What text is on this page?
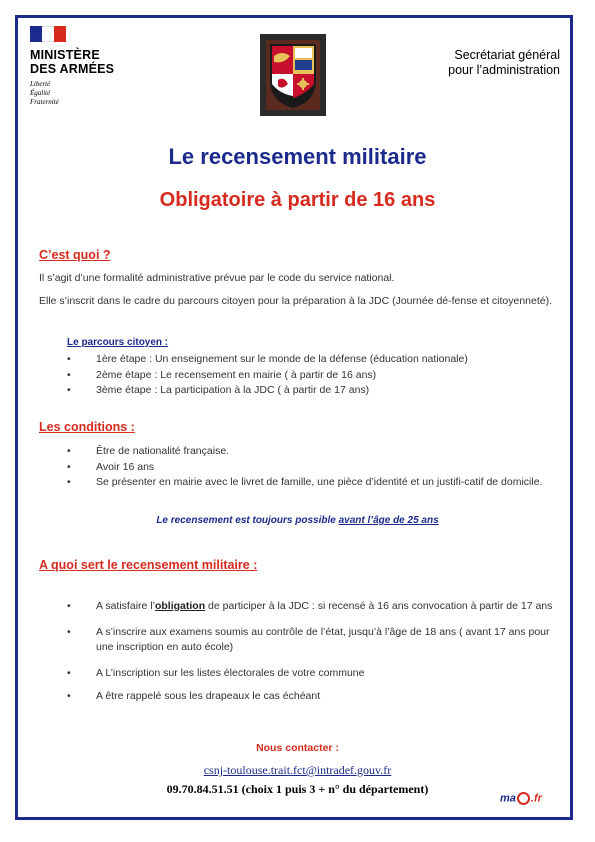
MINISTÈRE
DES ARMÉES
Liberté
Égalité
Fraternité
Secrétariat général
pour l’administration
Le recensement militaire
Obligatoire à partir de 16 ans
C’est quoi ?
Il s’agit d’une formalité administrative prévue par le code du service national.
Elle s’inscrit dans le cadre du parcours citoyen pour la préparation à la JDC (Journée dé-fense et citoyenneté).
Le parcours citoyen :
• 1ère étape : Un enseignement sur le monde de la défense (éducation nationale)
• 2ème étape : Le recensement en mairie ( à partir de 16 ans)
• 3ème étape : La participation à la JDC ( à partir de 17 ans)
Les conditions :
• Être de nationalité française.
• Avoir 16 ans
• Se présenter en mairie avec le livret de famille, une pièce d’identité et un justifi-catif de domicile.
Le recensement est toujours possible avant l’âge de 25 ans
A quoi sert le recensement militaire :
• A satisfaire l’obligation de participer à la JDC : si recensé à 16 ans convocation à partir de 17 ans
• A s’inscrire aux examens soumis au contrôle de l’état, jusqu’à l’âge de 18 ans ( avant 17 ans pour une inscription en auto école)
• A L’inscription sur les listes électorales de votre commune
• A être rappelé sous les drapeaux le cas échéant
Nous contacter :
csnj-toulouse.trait.fct@intradef.gouv.fr
09.70.84.51.51 (choix 1 puis 3 + n° du département)
ma .fr
